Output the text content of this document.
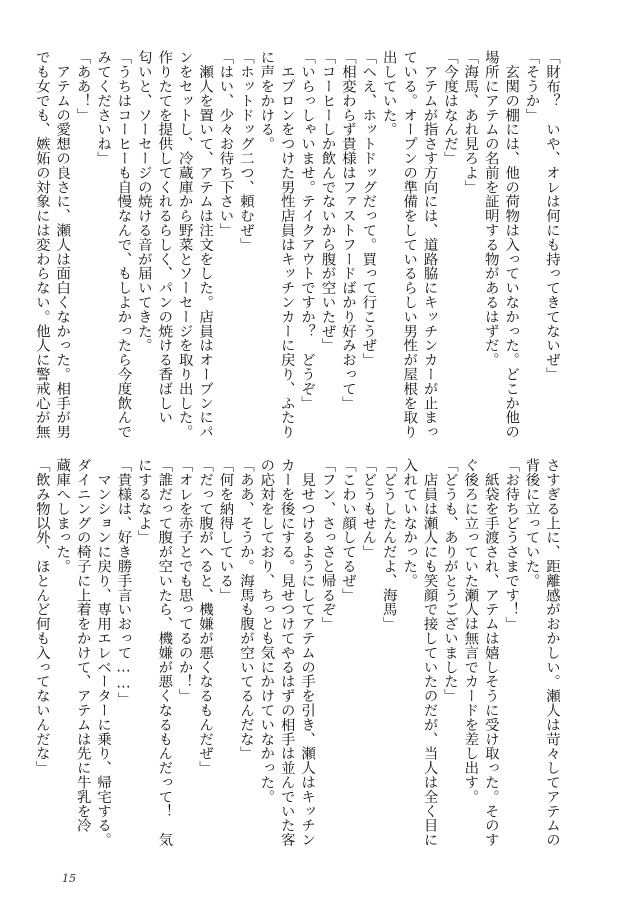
「財布？　いや、オレは何にも持ってきてないぜ」
「そうか」
　玄関の棚には、他の荷物は入っていなかった。どこか他の
場所にアテムの名前を証明する物があるはずだ。
「海馬、あれ見ろよ」
「今度はなんだ」
　アテムが指さす方向には、道路脇にキッチンカーが止まっ
ている。オープンの準備をしているらしい男性が屋根を取り
出していた。
「へえ、ホットドッグだって。買って行こうぜ」
「相変わらず貴様はファストフードばかり好みおって」
「コーヒーしか飲んでないから腹が空いたぜ」
「いらっしゃいませ。テイクアウトですか？　どうぞ」
　エプロンをつけた男性店員はキッチンカーに戻り、ふたり
に声をかける。
「ホットドッグ二つ、頼むぜ」
「はい、少々お待ち下さい」
　瀬人を置いて、アテムは注文をした。店員はオーブンにパ
ンをセットし、冷蔵庫から野菜とソーセージを取り出した。
作りたてを提供してくれるらしく、パンの焼ける香ばしい
匂いと、ソーセージの焼ける音が届いてきた。
「うちはコーヒーも自慢なんで、もしよかったら今度飲んで
みてくださいね」
「ああ！」
　アテムの愛想の良さに、瀬人は面白くなかった。相手が男
でも女でも、嫉妬の対象には変わらない。他人に警戒心が無
さすぎる上に、距離感がおかしい。瀬人は苛々してアテムの
背後に立っていた。
「お待ちどうさまです！」
　紙袋を手渡され、アテムは嬉しそうに受け取った。そのす
ぐ後ろに立っていた瀬人は無言でカードを差し出す。
「どうも、ありがとうございました」
　店員は瀬人にも笑顔で接していたのだが、当人は全く目に
入れていなかった。
「どうしたんだよ、海馬」
「どうもせん」
「こわい顔してるぜ」
「フン、さっさと帰るぞ」
　見せつけるようにしてアテムの手を引き、瀬人はキッチン
カーを後にする。見せつけてやるはずの相手は並んでいた客
の応対をしており、ちっとも気にかけていなかった。
「ああ、そうか。海馬も腹が空いてるんだな」
「何を納得している」
「だって腹がへると、機嫌が悪くなるもんだぜ」
「オレを赤子とでも思ってるのか！」
「誰だって腹が空いたら、機嫌が悪くなるもんだって！　気
にするなよ」
「貴様は、好き勝手言いおって……」
　マンションに戻り、専用エレベーターに乗り、帰宅する。
ダイニングの椅子に上着をかけて、アテムは先に牛乳を冷
蔵庫へしまった。
「飲み物以外、ほとんど何も入ってないんだな」
15
